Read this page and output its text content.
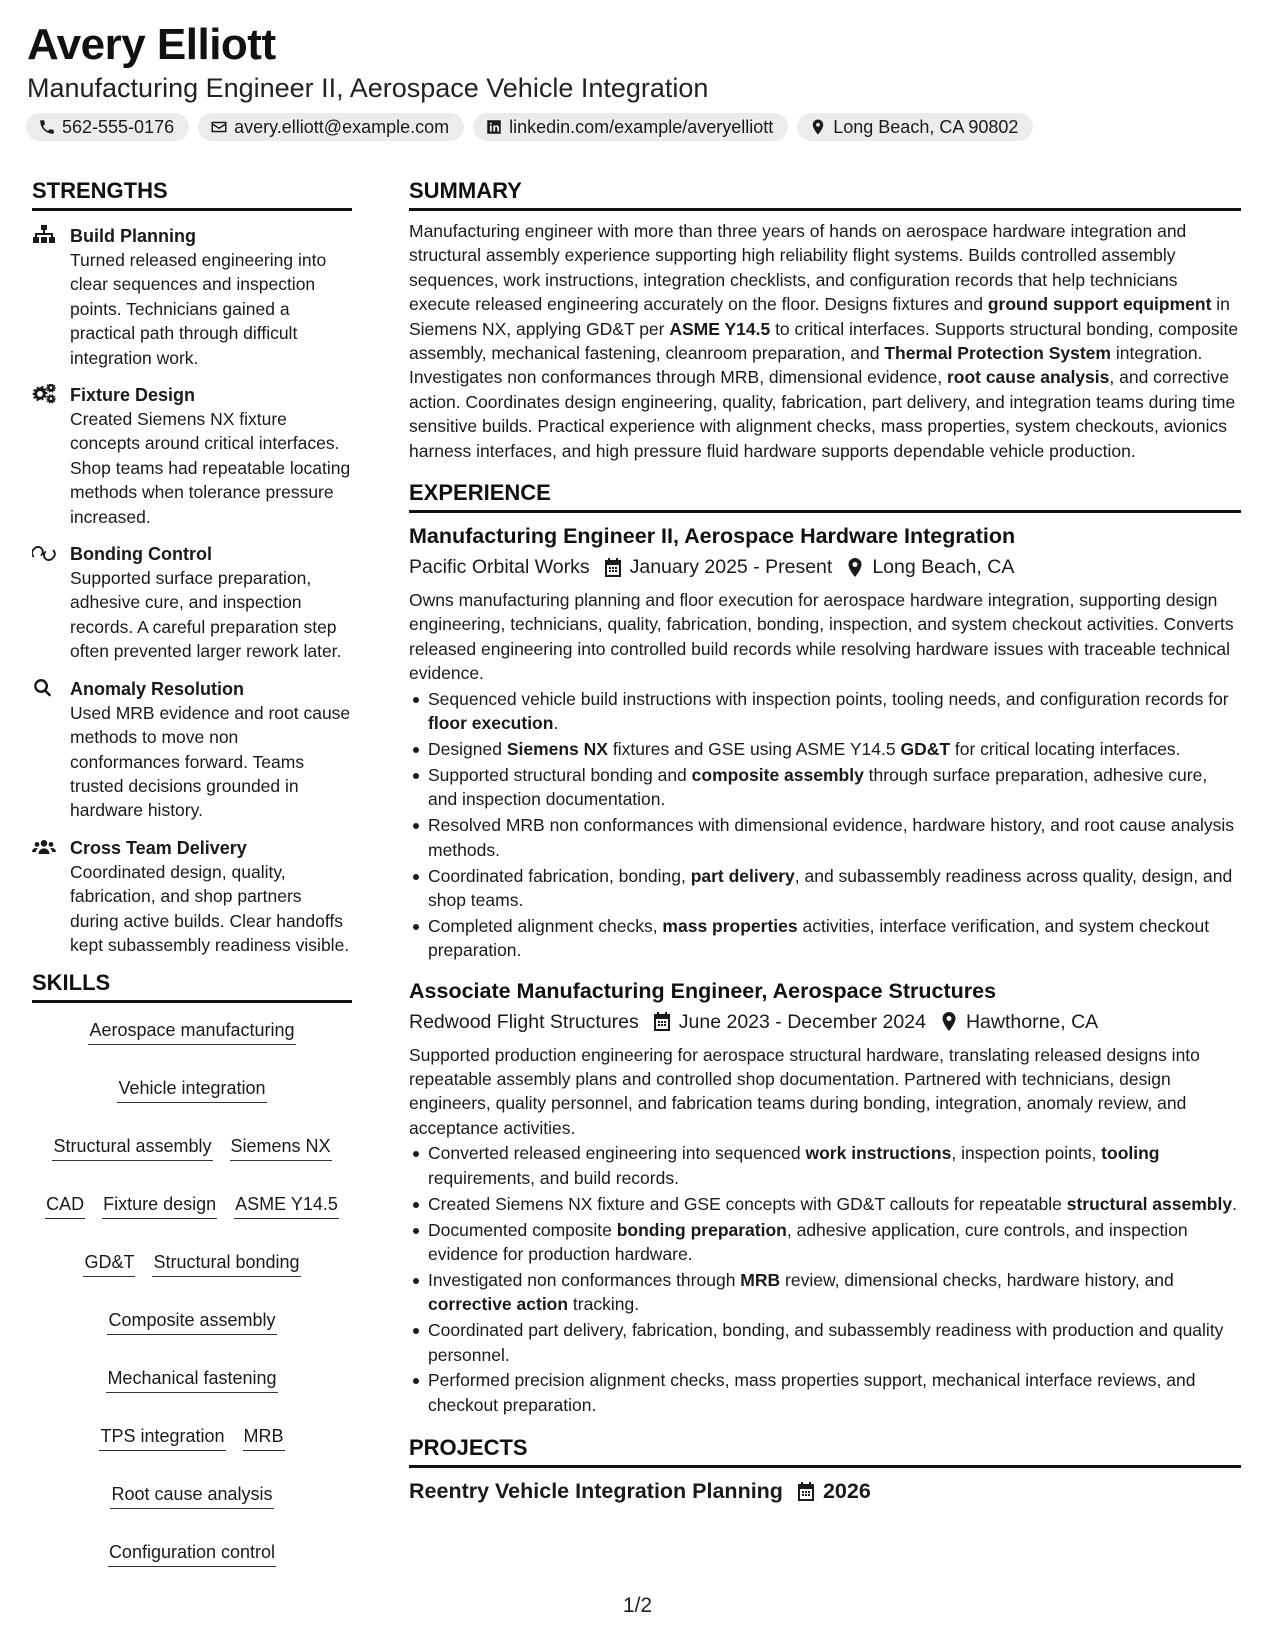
Avery Elliott
Manufacturing Engineer II, Aerospace Vehicle Integration
562-555-0176	avery.elliott@example.com	linkedin.com/example/averyelliott	Long Beach, CA 90802
STRENGTHS
Build Planning
Turned released engineering into clear sequences and inspection points. Technicians gained a practical path through difficult integration work.
Fixture Design
Created Siemens NX fixture concepts around critical interfaces. Shop teams had repeatable locating methods when tolerance pressure increased.
Bonding Control
Supported surface preparation, adhesive cure, and inspection records. A careful preparation step often prevented larger rework later.
Anomaly Resolution
Used MRB evidence and root cause methods to move non conformances forward. Teams trusted decisions grounded in hardware history.
Cross Team Delivery
Coordinated design, quality, fabrication, and shop partners during active builds. Clear handoffs kept subassembly readiness visible.
SKILLS
Aerospace manufacturing
Vehicle integration
Structural assembly Siemens NX
CAD Fixture design ASME Y14.5
GD&T Structural bonding
Composite assembly
Mechanical fastening
TPS integration MRB
Root cause analysis
Configuration control
SUMMARY
Manufacturing engineer with more than three years of hands on aerospace hardware integration and structural assembly experience supporting high reliability flight systems. Builds controlled assembly sequences, work instructions, integration checklists, and configuration records that help technicians execute released engineering accurately on the floor. Designs fixtures and ground support equipment in Siemens NX, applying GD&T per ASME Y14.5 to critical interfaces. Supports structural bonding, composite assembly, mechanical fastening, cleanroom preparation, and Thermal Protection System integration. Investigates non conformances through MRB, dimensional evidence, root cause analysis, and corrective action. Coordinates design engineering, quality, fabrication, part delivery, and integration teams during time sensitive builds. Practical experience with alignment checks, mass properties, system checkouts, avionics harness interfaces, and high pressure fluid hardware supports dependable vehicle production.
EXPERIENCE
Manufacturing Engineer II, Aerospace Hardware Integration
Pacific Orbital Works January 2025 - Present Long Beach, CA
Owns manufacturing planning and floor execution for aerospace hardware integration, supporting design engineering, technicians, quality, fabrication, bonding, inspection, and system checkout activities. Converts released engineering into controlled build records while resolving hardware issues with traceable technical evidence.
Sequenced vehicle build instructions with inspection points, tooling needs, and configuration records for floor execution.
Designed Siemens NX fixtures and GSE using ASME Y14.5 GD&T for critical locating interfaces.
Supported structural bonding and composite assembly through surface preparation, adhesive cure, and inspection documentation.
Resolved MRB non conformances with dimensional evidence, hardware history, and root cause analysis methods.
Coordinated fabrication, bonding, part delivery, and subassembly readiness across quality, design, and shop teams.
Completed alignment checks, mass properties activities, interface verification, and system checkout preparation.
Associate Manufacturing Engineer, Aerospace Structures
Redwood Flight Structures June 2023 - December 2024 Hawthorne, CA
Supported production engineering for aerospace structural hardware, translating released designs into repeatable assembly plans and controlled shop documentation. Partnered with technicians, design engineers, quality personnel, and fabrication teams during bonding, integration, anomaly review, and acceptance activities.
Converted released engineering into sequenced work instructions, inspection points, tooling requirements, and build records.
Created Siemens NX fixture and GSE concepts with GD&T callouts for repeatable structural assembly.
Documented composite bonding preparation, adhesive application, cure controls, and inspection evidence for production hardware.
Investigated non conformances through MRB review, dimensional checks, hardware history, and corrective action tracking.
Coordinated part delivery, fabrication, bonding, and subassembly readiness with production and quality personnel.
Performed precision alignment checks, mass properties support, mechanical interface reviews, and checkout preparation.
PROJECTS
Reentry Vehicle Integration Planning 2026
1/2
